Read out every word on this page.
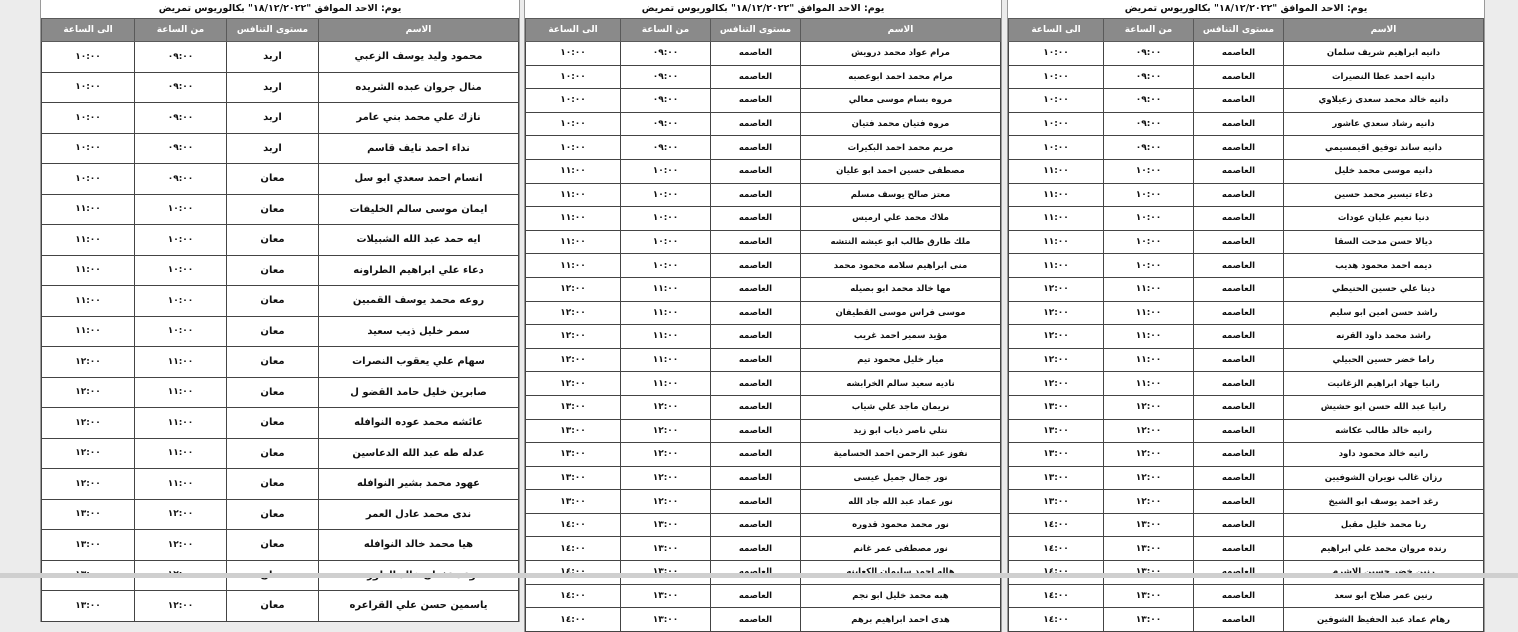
يوم: الاحد الموافق "١٨/١٢/٢٠٢٢" بكالوريوس تمريض
الاسم	مستوى التنافس	من الساعة	الى الساعة
محمود وليد يوسف الزعبي	اربد	٠٩:٠٠	١٠:٠٠
منال جروان عبده الشريده	اربد	٠٩:٠٠	١٠:٠٠
نازك علي محمد بني عامر	اربد	٠٩:٠٠	١٠:٠٠
نداء احمد نايف قاسم	اربد	٠٩:٠٠	١٠:٠٠
انسام احمد سعدي ابو سل	معان	٠٩:٠٠	١٠:٠٠
ايمان موسى سالم الخليفات	معان	١٠:٠٠	١١:٠٠
ايه حمد عبد الله الشبيلات	معان	١٠:٠٠	١١:٠٠
دعاء علي ابراهيم الطراونه	معان	١٠:٠٠	١١:٠٠
روعه محمد يوسف القمبين	معان	١٠:٠٠	١١:٠٠
سمر خليل ذيب سعيد	معان	١٠:٠٠	١١:٠٠
سهام علي يعقوب النصرات	معان	١١:٠٠	١٢:٠٠
صابرين خليل حامد القضو ل	معان	١١:٠٠	١٢:٠٠
عائشه محمد عوده النوافله	معان	١١:٠٠	١٢:٠٠
عدله طه عبد الله الدعاسين	معان	١١:٠٠	١٢:٠٠
عهود محمد بشير النوافله	معان	١١:٠٠	١٢:٠٠
ندى محمد عادل العمر	معان	١٢:٠٠	١٣:٠٠
هيا محمد خالد النوافله	معان	١٢:٠٠	١٣:٠٠

ياسمين حسن علي القراعره	معان	١٢:٠٠	١٣:٠٠
يوم: الاحد الموافق "١٨/١٢/٢٠٢٢" بكالوريوس تمريض
الاسم	مستوى التنافس	من الساعة	الى الساعة
مرام عواد محمد درويش	العاصمه	٠٩:٠٠	١٠:٠٠
مرام محمد احمد ابوعصبه	العاصمه	٠٩:٠٠	١٠:٠٠
مروه بسام موسى معالي	العاصمه	٠٩:٠٠	١٠:٠٠
مروه فتيان محمد فتيان	العاصمه	٠٩:٠٠	١٠:٠٠
مريم محمد احمد البكيرات	العاصمه	٠٩:٠٠	١٠:٠٠
مصطفى حسين احمد ابو عليان	العاصمه	١٠:٠٠	١١:٠٠
معتز صالح يوسف مسلم	العاصمه	١٠:٠٠	١١:٠٠
ملاك محمد علي ارميس	العاصمه	١٠:٠٠	١١:٠٠
ملك طارق طالب ابو عيشه النتشه	العاصمه	١٠:٠٠	١١:٠٠
منى ابراهيم سلامه محمود محمد	العاصمه	١٠:٠٠	١١:٠٠
مها خالد محمد ابو بصيله	العاصمه	١١:٠٠	١٢:٠٠
موسى فراس موسى القطيفان	العاصمه	١١:٠٠	١٢:٠٠
مؤيد سمير احمد غريب	العاصمه	١١:٠٠	١٢:٠٠
ميار خليل محمود تيم	العاصمه	١١:٠٠	١٢:٠٠
ناديه سعيد سالم الخرابشه	العاصمه	١١:٠٠	١٢:٠٠
نريمان ماجد علي شياب	العاصمه	١٢:٠٠	١٣:٠٠
نتلي ناصر ذياب ابو زيد	العاصمه	١٢:٠٠	١٣:٠٠
نفوز عبد الرحمن احمد الحسامية	العاصمه	١٢:٠٠	١٣:٠٠
نور جمال جميل عيسى	العاصمه	١٢:٠٠	١٣:٠٠
نور عماد عبد الله جاد الله	العاصمه	١٢:٠٠	١٣:٠٠
نور محمد محمود قدوره	العاصمه	١٣:٠٠	١٤:٠٠
نور مصطفى عمر غانم	العاصمه	١٣:٠٠	١٤:٠٠

هبه محمد خليل ابو نجم	العاصمه	١٣:٠٠	١٤:٠٠
هدى احمد ابراهيم برهم	العاصمه	١٣:٠٠	١٤:٠٠
يوم: الاحد الموافق "١٨/١٢/٢٠٢٢" بكالوريوس تمريض
الاسم	مستوى التنافس	من الساعة	الى الساعة
دانيه ابراهيم شريف سلمان	العاصمه	٠٩:٠٠	١٠:٠٠
دانيه احمد عطا النصيرات	العاصمه	٠٩:٠٠	١٠:٠٠
دانيه خالد محمد سعدى زعيلاوي	العاصمه	٠٩:٠٠	١٠:٠٠
دانيه رشاد سعدي عاشور	العاصمه	٠٩:٠٠	١٠:٠٠
دانيه ساند توفيق اقيمسيمي	العاصمه	٠٩:٠٠	١٠:٠٠
دانيه موسى محمد خليل	العاصمه	١٠:٠٠	١١:٠٠
دعاء تيسير محمد حسين	العاصمه	١٠:٠٠	١١:٠٠
دنيا نعيم عليان عودات	العاصمه	١٠:٠٠	١١:٠٠
ديالا حسن مدحت السقا	العاصمه	١٠:٠٠	١١:٠٠
ديمه احمد محمود هديب	العاصمه	١٠:٠٠	١١:٠٠
دينا علي حسين الحنيطي	العاصمه	١١:٠٠	١٢:٠٠
راشد حسن امين ابو سليم	العاصمه	١١:٠٠	١٢:٠٠
راشد محمد داود القرنه	العاصمه	١١:٠٠	١٢:٠٠
راما خضر حسين الحبيلي	العاصمه	١١:٠٠	١٢:٠٠
رانيا جهاد ابراهيم الزغانيت	العاصمه	١١:٠٠	١٢:٠٠
رانيا عبد الله حسن ابو حشيش	العاصمه	١٢:٠٠	١٣:٠٠
رانيه خالد طالب عكاشه	العاصمه	١٢:٠٠	١٣:٠٠
رانيه خالد محمود داود	العاصمه	١٢:٠٠	١٣:٠٠
رزان غالب نويران الشوفيين	العاصمه	١٢:٠٠	١٣:٠٠
رغد احمد يوسف ابو الشيخ	العاصمه	١٢:٠٠	١٣:٠٠
رنا محمد خليل مقبل	العاصمه	١٣:٠٠	١٤:٠٠
رنده مروان محمد علي ابراهيم	العاصمه	١٣:٠٠	١٤:٠٠

رنين عمر صلاح ابو سعد	العاصمه	١٣:٠٠	١٤:٠٠
رهام عماد عبد الحفيظ الشوفين	العاصمه	١٣:٠٠	١٤:٠٠
